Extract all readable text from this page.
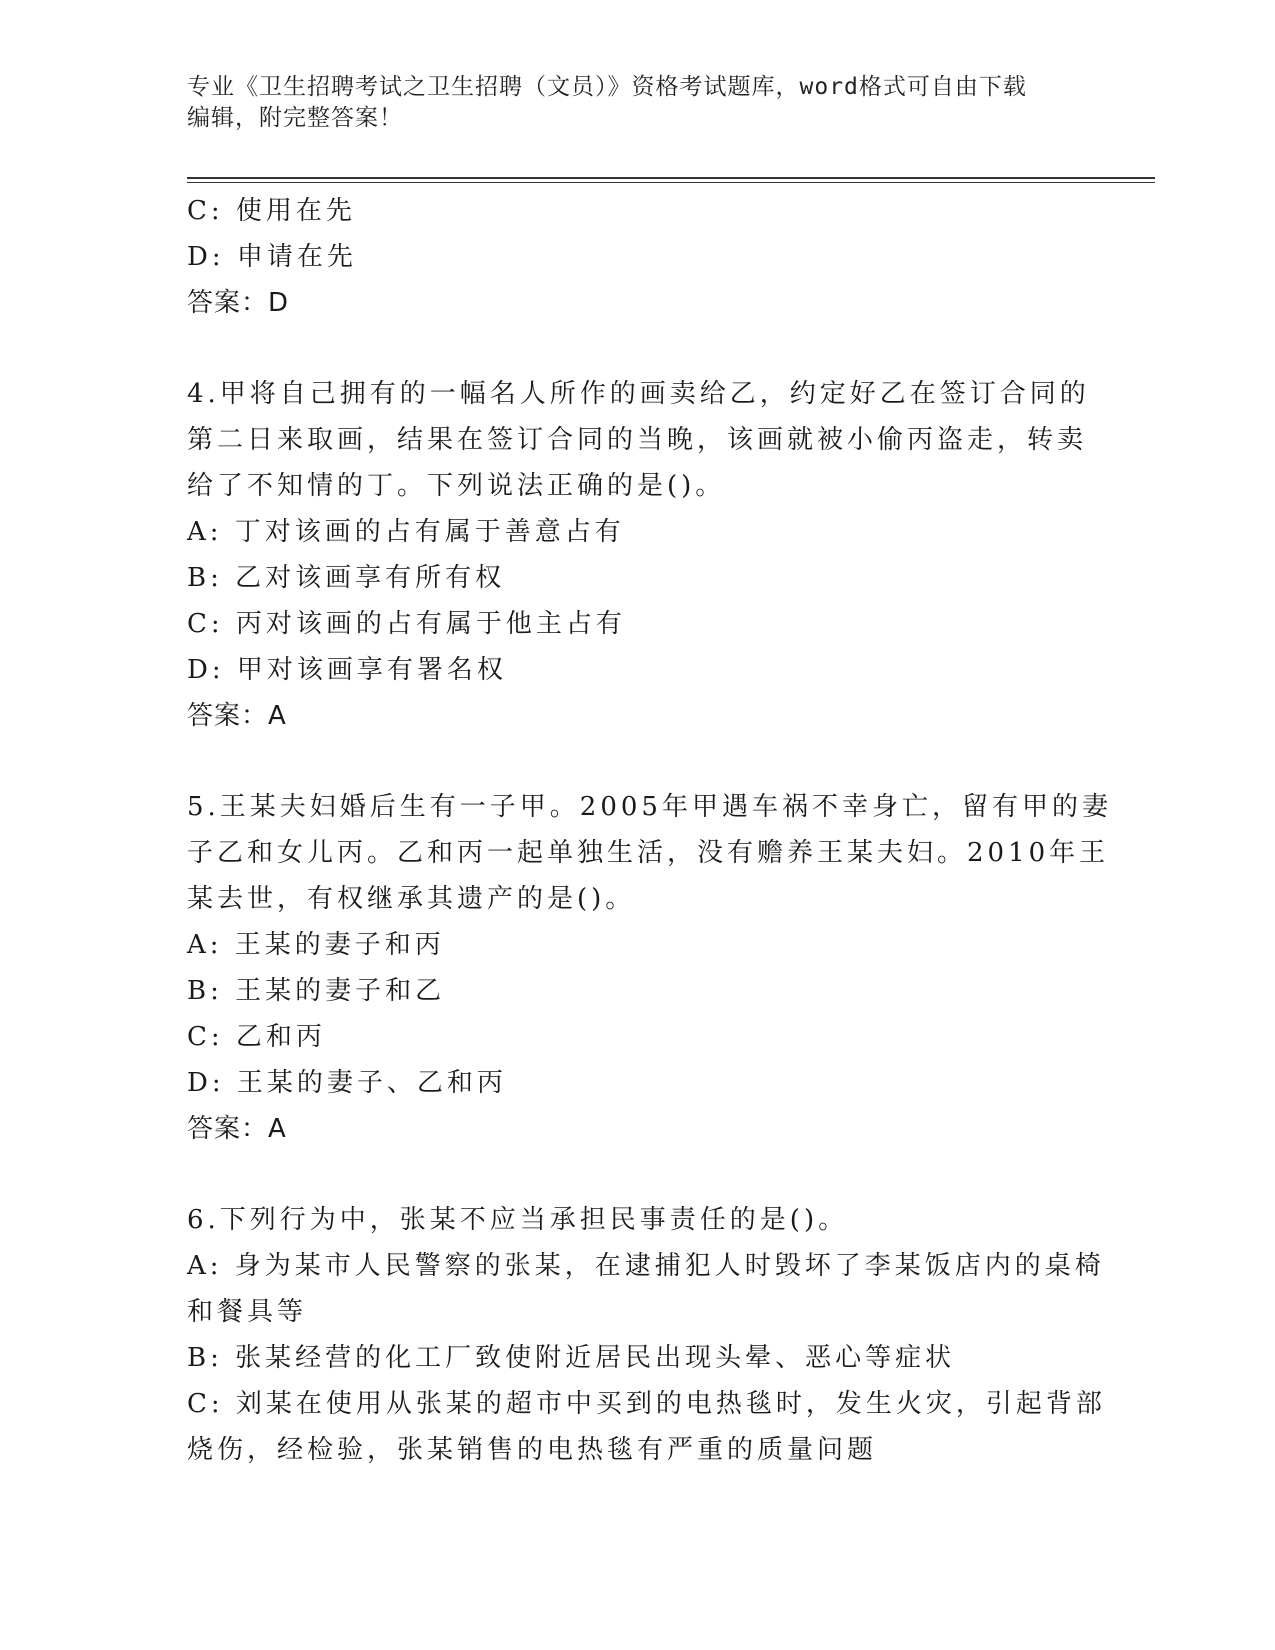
专业《卫生招聘考试之卫生招聘（文员）》资格考试题库，word格式可自由下载
编辑，附完整答案！
C: 使用在先
D: 申请在先
答案：D
4.甲将自己拥有的一幅名人所作的画卖给乙，约定好乙在签订合同的
第二日来取画，结果在签订合同的当晚，该画就被小偷丙盗走，转卖
给了不知情的丁。下列说法正确的是()。
A: 丁对该画的占有属于善意占有
B: 乙对该画享有所有权
C: 丙对该画的占有属于他主占有
D: 甲对该画享有署名权
答案：A
5.王某夫妇婚后生有一子甲。2005年甲遇车祸不幸身亡，留有甲的妻
子乙和女儿丙。乙和丙一起单独生活，没有赡养王某夫妇。2010年王
某去世，有权继承其遗产的是()。
A: 王某的妻子和丙
B: 王某的妻子和乙
C: 乙和丙
D: 王某的妻子、乙和丙
答案：A
6.下列行为中，张某不应当承担民事责任的是()。
A: 身为某市人民警察的张某，在逮捕犯人时毁坏了李某饭店内的桌椅
和餐具等
B: 张某经营的化工厂致使附近居民出现头晕、恶心等症状
C: 刘某在使用从张某的超市中买到的电热毯时，发生火灾，引起背部
烧伤，经检验，张某销售的电热毯有严重的质量问题
